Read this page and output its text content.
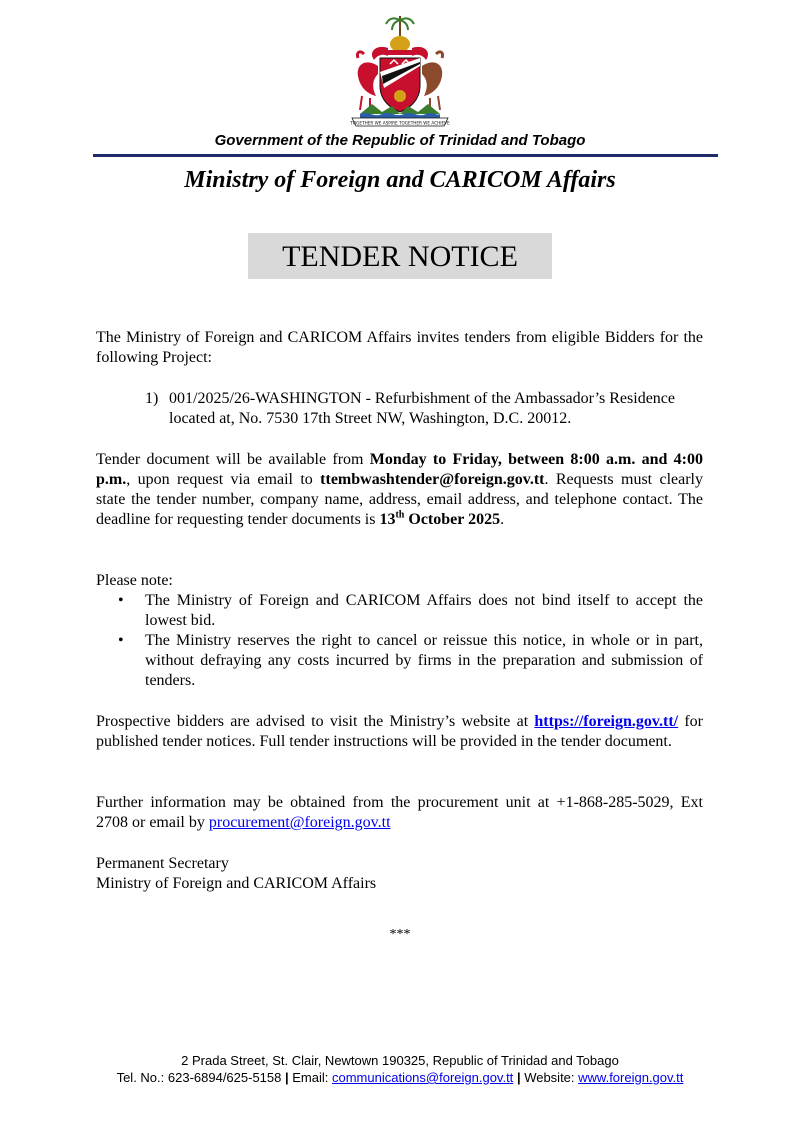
TOGETHER WE ASPIRE TOGETHER WE ACHIEVE
Government of the Republic of Trinidad and Tobago
Ministry of Foreign and CARICOM Affairs
TENDER NOTICE
The Ministry of Foreign and CARICOM Affairs invites tenders from eligible Bidders for the following Project:
1) 001/2025/26-WASHINGTON - Refurbishment of the Ambassador’s Residence located at, No. 7530 17th Street NW, Washington, D.C. 20012.
Tender document will be available from Monday to Friday, between 8:00 a.m. and 4:00 p.m., upon request via email to ttembwashtender@foreign.gov.tt. Requests must clearly state the tender number, company name, address, email address, and telephone contact. The deadline for requesting tender documents is 13th October 2025.
Please note:
• The Ministry of Foreign and CARICOM Affairs does not bind itself to accept the lowest bid.
• The Ministry reserves the right to cancel or reissue this notice, in whole or in part, without defraying any costs incurred by firms in the preparation and submission of tenders.
Prospective bidders are advised to visit the Ministry’s website at https://foreign.gov.tt/ for published tender notices. Full tender instructions will be provided in the tender document.
Further information may be obtained from the procurement unit at +1-868-285-5029, Ext 2708 or email by procurement@foreign.gov.tt
Permanent Secretary
Ministry of Foreign and CARICOM Affairs
***
2 Prada Street, St. Clair, Newtown 190325, Republic of Trinidad and Tobago
Tel. No.: 623-6894/625-5158 | Email: communications@foreign.gov.tt | Website: www.foreign.gov.tt
